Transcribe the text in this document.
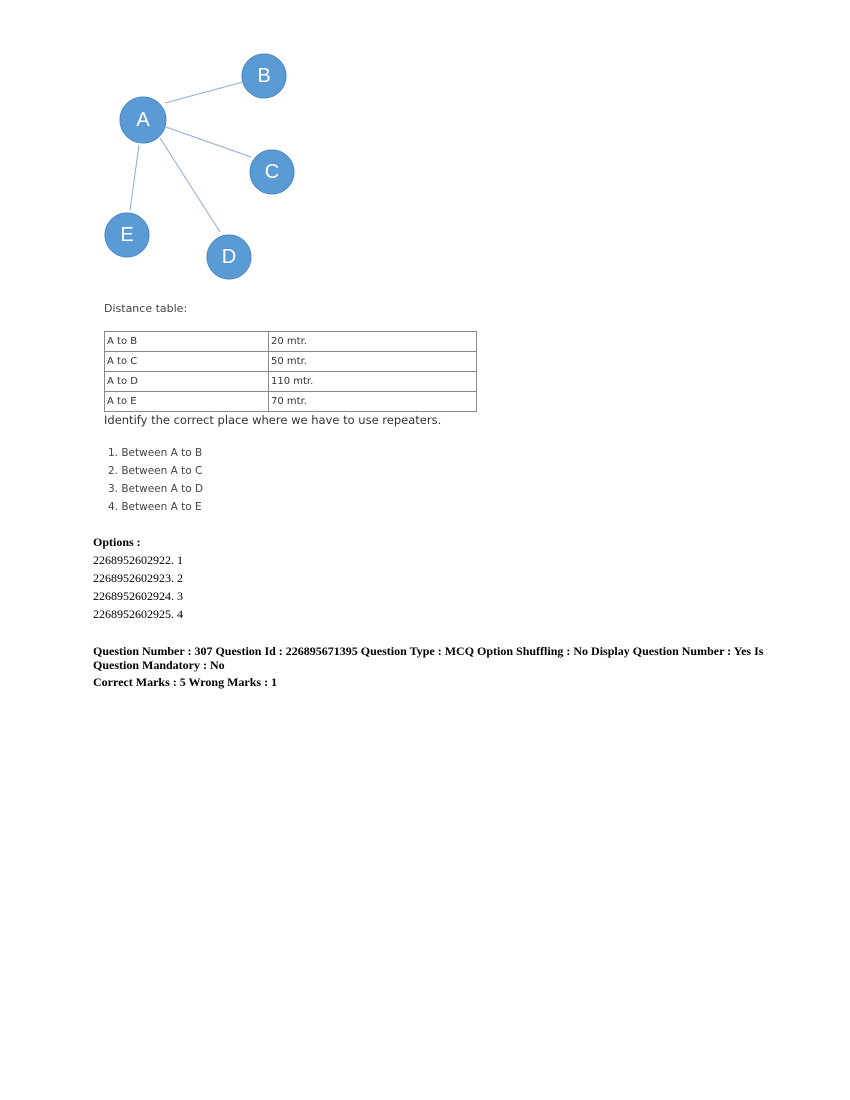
A
B
C
D
E
Distance table:
A to B	20 mtr.
A to C	50 mtr.
A to D	110 mtr.
A to E	70 mtr.
Identify the correct place where we have to use repeaters.
1. Between A to B
2. Between A to C
3. Between A to D
4. Between A to E
Options :
2268952602922. 1
2268952602923. 2
2268952602924. 3
2268952602925. 4
Question Number : 307 Question Id : 226895671395 Question Type : MCQ Option Shuffling : No Display Question Number : Yes Is
Question Mandatory : No
Correct Marks : 5 Wrong Marks : 1
